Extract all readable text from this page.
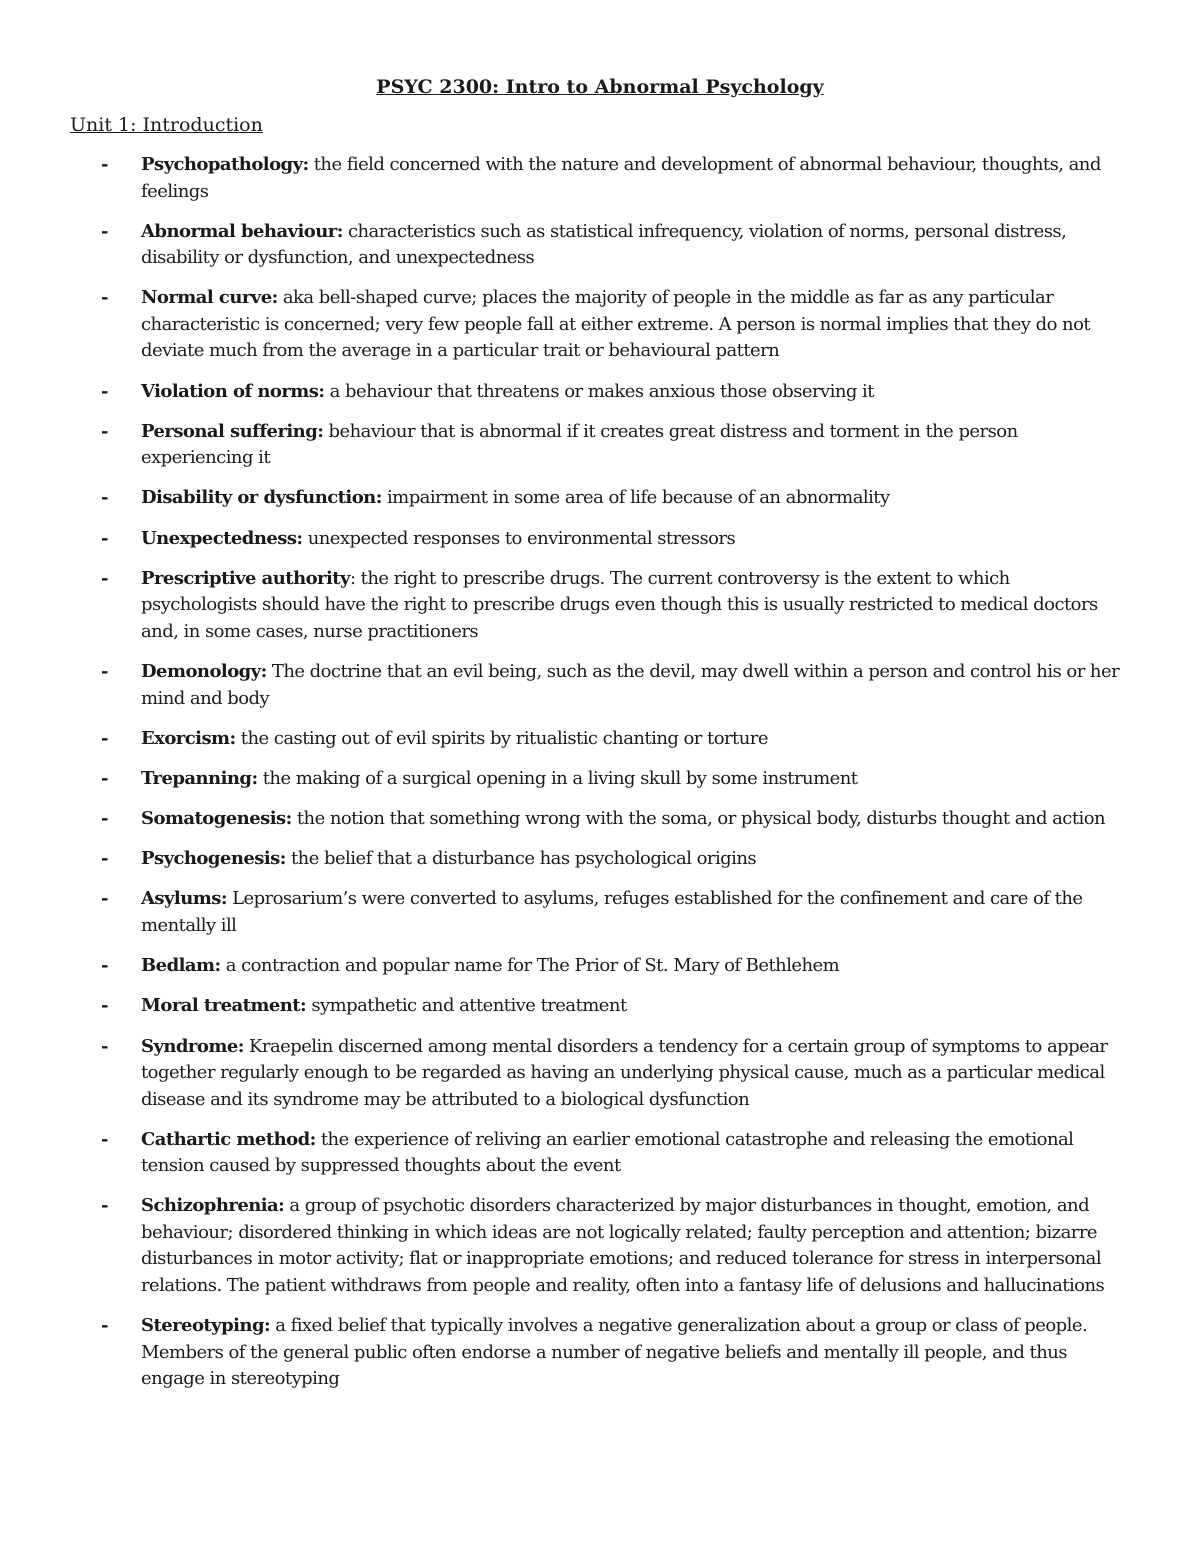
PSYC 2300: Intro to Abnormal Psychology
Unit 1: Introduction
- Psychopathology: the field concerned with the nature and development of abnormal behaviour, thoughts, and feelings
- Abnormal behaviour: characteristics such as statistical infrequency, violation of norms, personal distress, disability or dysfunction, and unexpectedness
- Normal curve: aka bell-shaped curve; places the majority of people in the middle as far as any particular characteristic is concerned; very few people fall at either extreme. A person is normal implies that they do not deviate much from the average in a particular trait or behavioural pattern
- Violation of norms: a behaviour that threatens or makes anxious those observing it
- Personal suffering: behaviour that is abnormal if it creates great distress and torment in the person experiencing it
- Disability or dysfunction: impairment in some area of life because of an abnormality
- Unexpectedness: unexpected responses to environmental stressors
- Prescriptive authority: the right to prescribe drugs. The current controversy is the extent to which psychologists should have the right to prescribe drugs even though this is usually restricted to medical doctors and, in some cases, nurse practitioners
- Demonology: The doctrine that an evil being, such as the devil, may dwell within a person and control his or her mind and body
- Exorcism: the casting out of evil spirits by ritualistic chanting or torture
- Trepanning: the making of a surgical opening in a living skull by some instrument
- Somatogenesis: the notion that something wrong with the soma, or physical body, disturbs thought and action
- Psychogenesis: the belief that a disturbance has psychological origins
- Asylums: Leprosarium’s were converted to asylums, refuges established for the confinement and care of the mentally ill
- Bedlam: a contraction and popular name for The Prior of St. Mary of Bethlehem
- Moral treatment: sympathetic and attentive treatment
- Syndrome: Kraepelin discerned among mental disorders a tendency for a certain group of symptoms to appear together regularly enough to be regarded as having an underlying physical cause, much as a particular medical disease and its syndrome may be attributed to a biological dysfunction
- Cathartic method: the experience of reliving an earlier emotional catastrophe and releasing the emotional tension caused by suppressed thoughts about the event
- Schizophrenia: a group of psychotic disorders characterized by major disturbances in thought, emotion, and behaviour; disordered thinking in which ideas are not logically related; faulty perception and attention; bizarre disturbances in motor activity; flat or inappropriate emotions; and reduced tolerance for stress in interpersonal relations. The patient withdraws from people and reality, often into a fantasy life of delusions and hallucinations
- Stereotyping: a fixed belief that typically involves a negative generalization about a group or class of people. Members of the general public often endorse a number of negative beliefs and mentally ill people, and thus engage in stereotyping
